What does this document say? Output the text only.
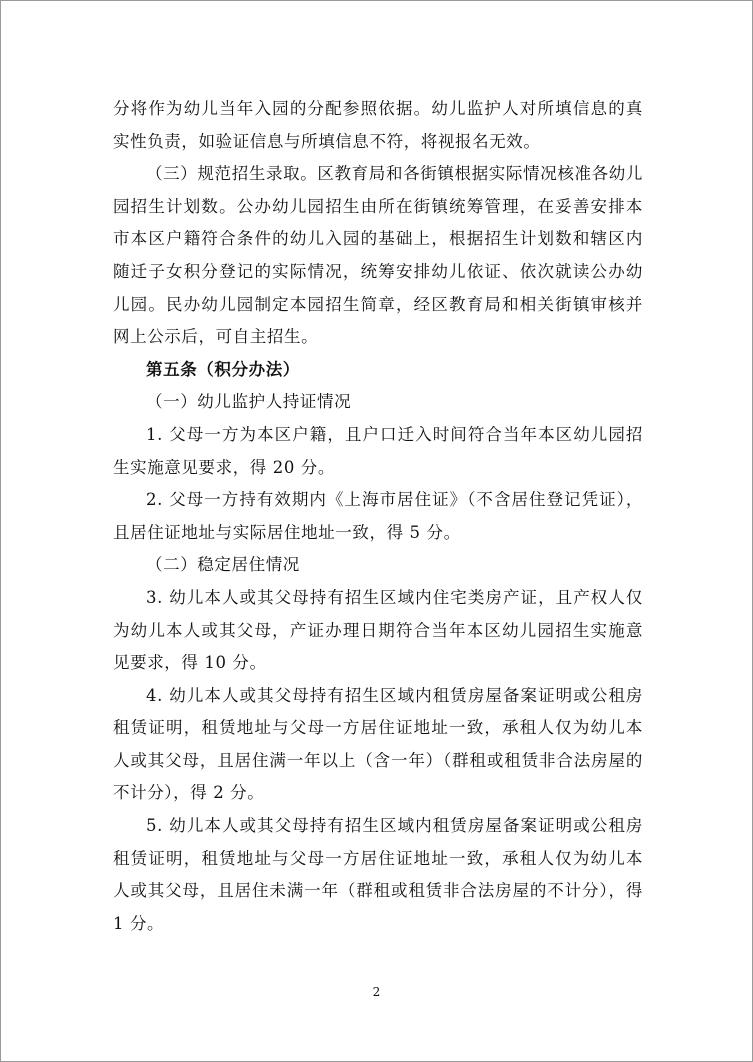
分将作为幼儿当年入园的分配参照依据。幼儿监护人对所填信息的真实性负责，如验证信息与所填信息不符，将视报名无效。

（三）规范招生录取。区教育局和各街镇根据实际情况核准各幼儿园招生计划数。公办幼儿园招生由所在街镇统筹管理，在妥善安排本市本区户籍符合条件的幼儿入园的基础上，根据招生计划数和辖区内随迁子女积分登记的实际情况，统筹安排幼儿依证、依次就读公办幼儿园。民办幼儿园制定本园招生简章，经区教育局和相关街镇审核并网上公示后，可自主招生。

第五条（积分办法）

（一）幼儿监护人持证情况

1. 父母一方为本区户籍，且户口迁入时间符合当年本区幼儿园招生实施意见要求，得 20 分。

2. 父母一方持有效期内《上海市居住证》（不含居住登记凭证），且居住证地址与实际居住地址一致，得 5 分。

（二）稳定居住情况

3. 幼儿本人或其父母持有招生区域内住宅类房产证，且产权人仅为幼儿本人或其父母，产证办理日期符合当年本区幼儿园招生实施意见要求，得 10 分。

4. 幼儿本人或其父母持有招生区域内租赁房屋备案证明或公租房租赁证明，租赁地址与父母一方居住证地址一致，承租人仅为幼儿本人或其父母，且居住满一年以上（含一年）（群租或租赁非合法房屋的不计分），得 2 分。

5. 幼儿本人或其父母持有招生区域内租赁房屋备案证明或公租房租赁证明，租赁地址与父母一方居住证地址一致，承租人仅为幼儿本人或其父母，且居住未满一年（群租或租赁非合法房屋的不计分），得 1 分。

2
